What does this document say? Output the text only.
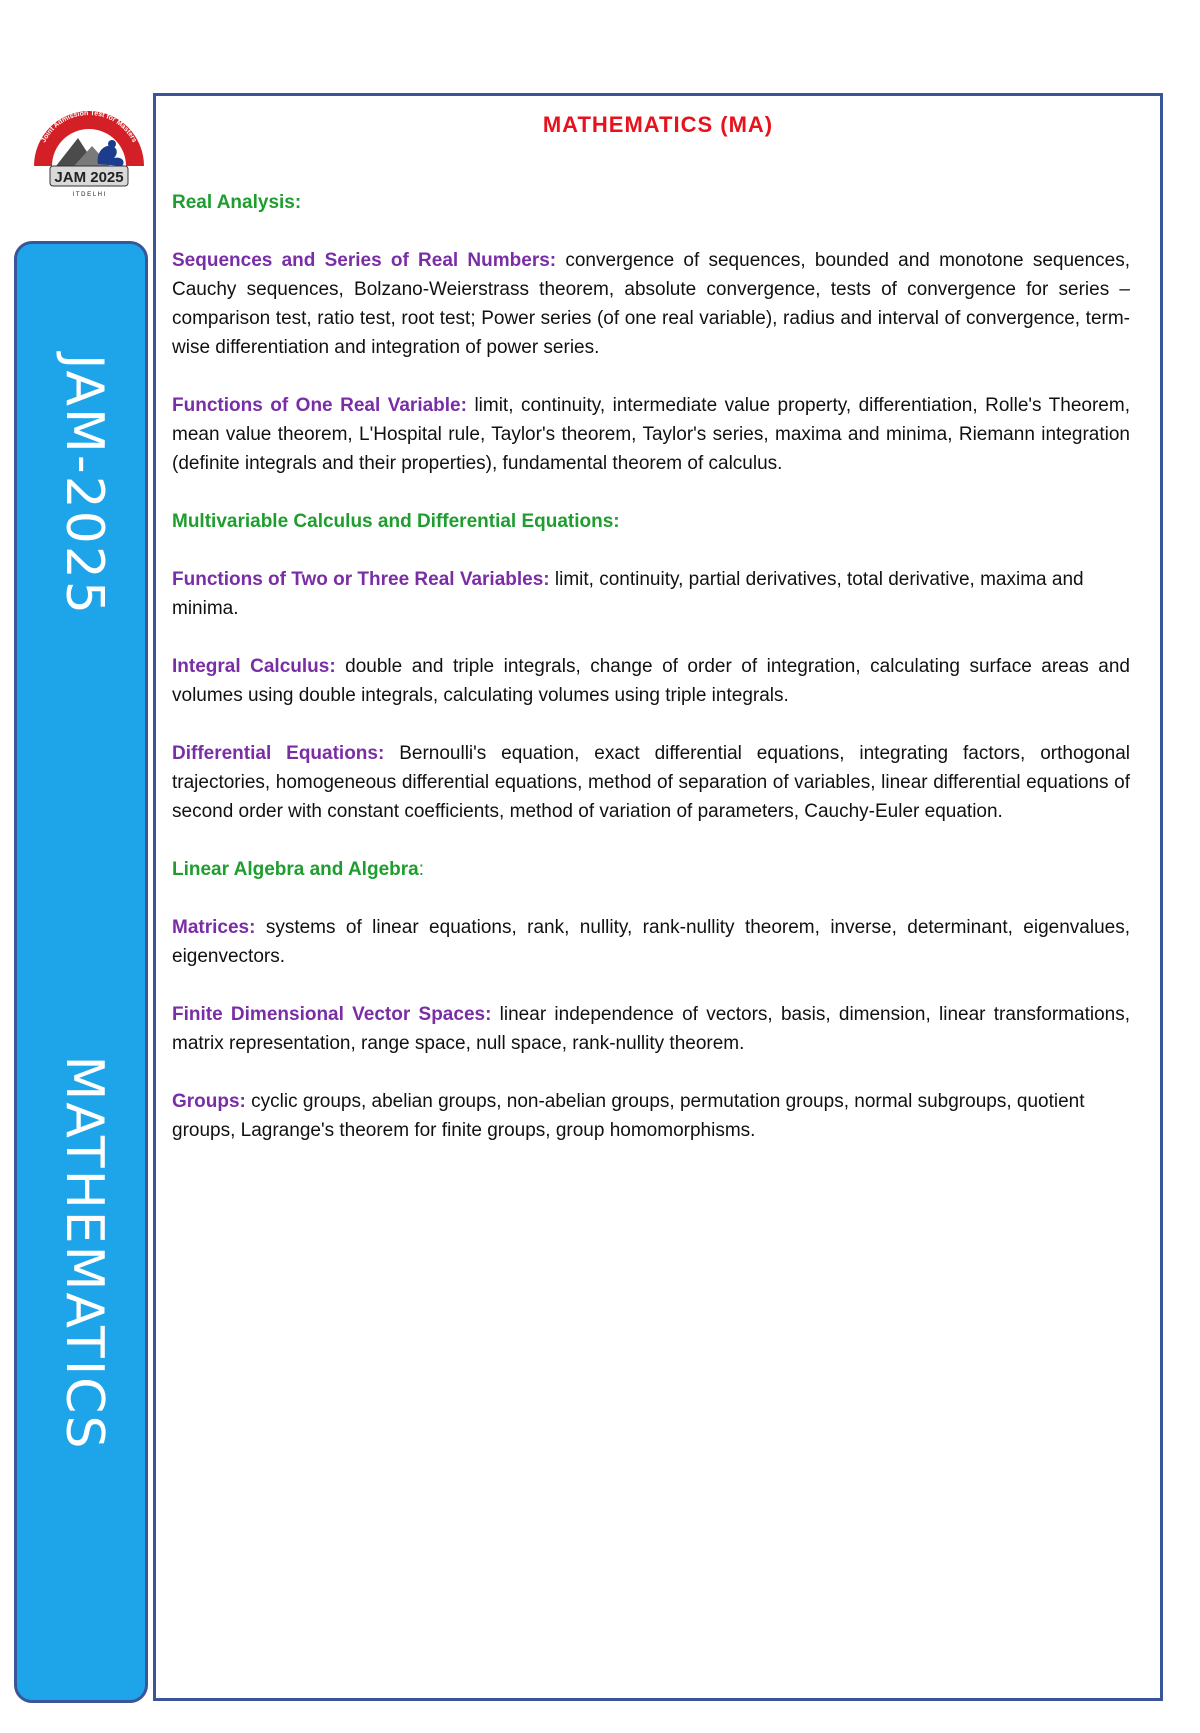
Joint Admission Test for Masters
JAM 2025
I T D E L H I
JAM-2025
MATHEMATICS
MATHEMATICS (MA)
Real Analysis:

Sequences and Series of Real Numbers: convergence of sequences, bounded and monotone sequences, Cauchy sequences, Bolzano-Weierstrass theorem, absolute convergence, tests of convergence for series – comparison test, ratio test, root test; Power series (of one real variable), radius and interval of convergence, term-wise differentiation and integration of power series.

Functions of One Real Variable: limit, continuity, intermediate value property, differentiation, Rolle's Theorem, mean value theorem, L'Hospital rule, Taylor's theorem, Taylor's series, maxima and minima, Riemann integration (definite integrals and their properties), fundamental theorem of calculus.

Multivariable Calculus and Differential Equations:

Functions of Two or Three Real Variables: limit, continuity, partial derivatives, total derivative, maxima and minima.

Integral Calculus: double and triple integrals, change of order of integration, calculating surface areas and volumes using double integrals, calculating volumes using triple integrals.

Differential Equations: Bernoulli's equation, exact differential equations, integrating factors, orthogonal trajectories, homogeneous differential equations, method of separation of variables, linear differential equations of second order with constant coefficients, method of variation of parameters, Cauchy-Euler equation.

Linear Algebra and Algebra:

Matrices: systems of linear equations, rank, nullity, rank-nullity theorem, inverse, determinant, eigenvalues, eigenvectors.

Finite Dimensional Vector Spaces: linear independence of vectors, basis, dimension, linear transformations, matrix representation, range space, null space, rank-nullity theorem.

Groups: cyclic groups, abelian groups, non-abelian groups, permutation groups, normal subgroups, quotient groups, Lagrange's theorem for finite groups, group homomorphisms.
